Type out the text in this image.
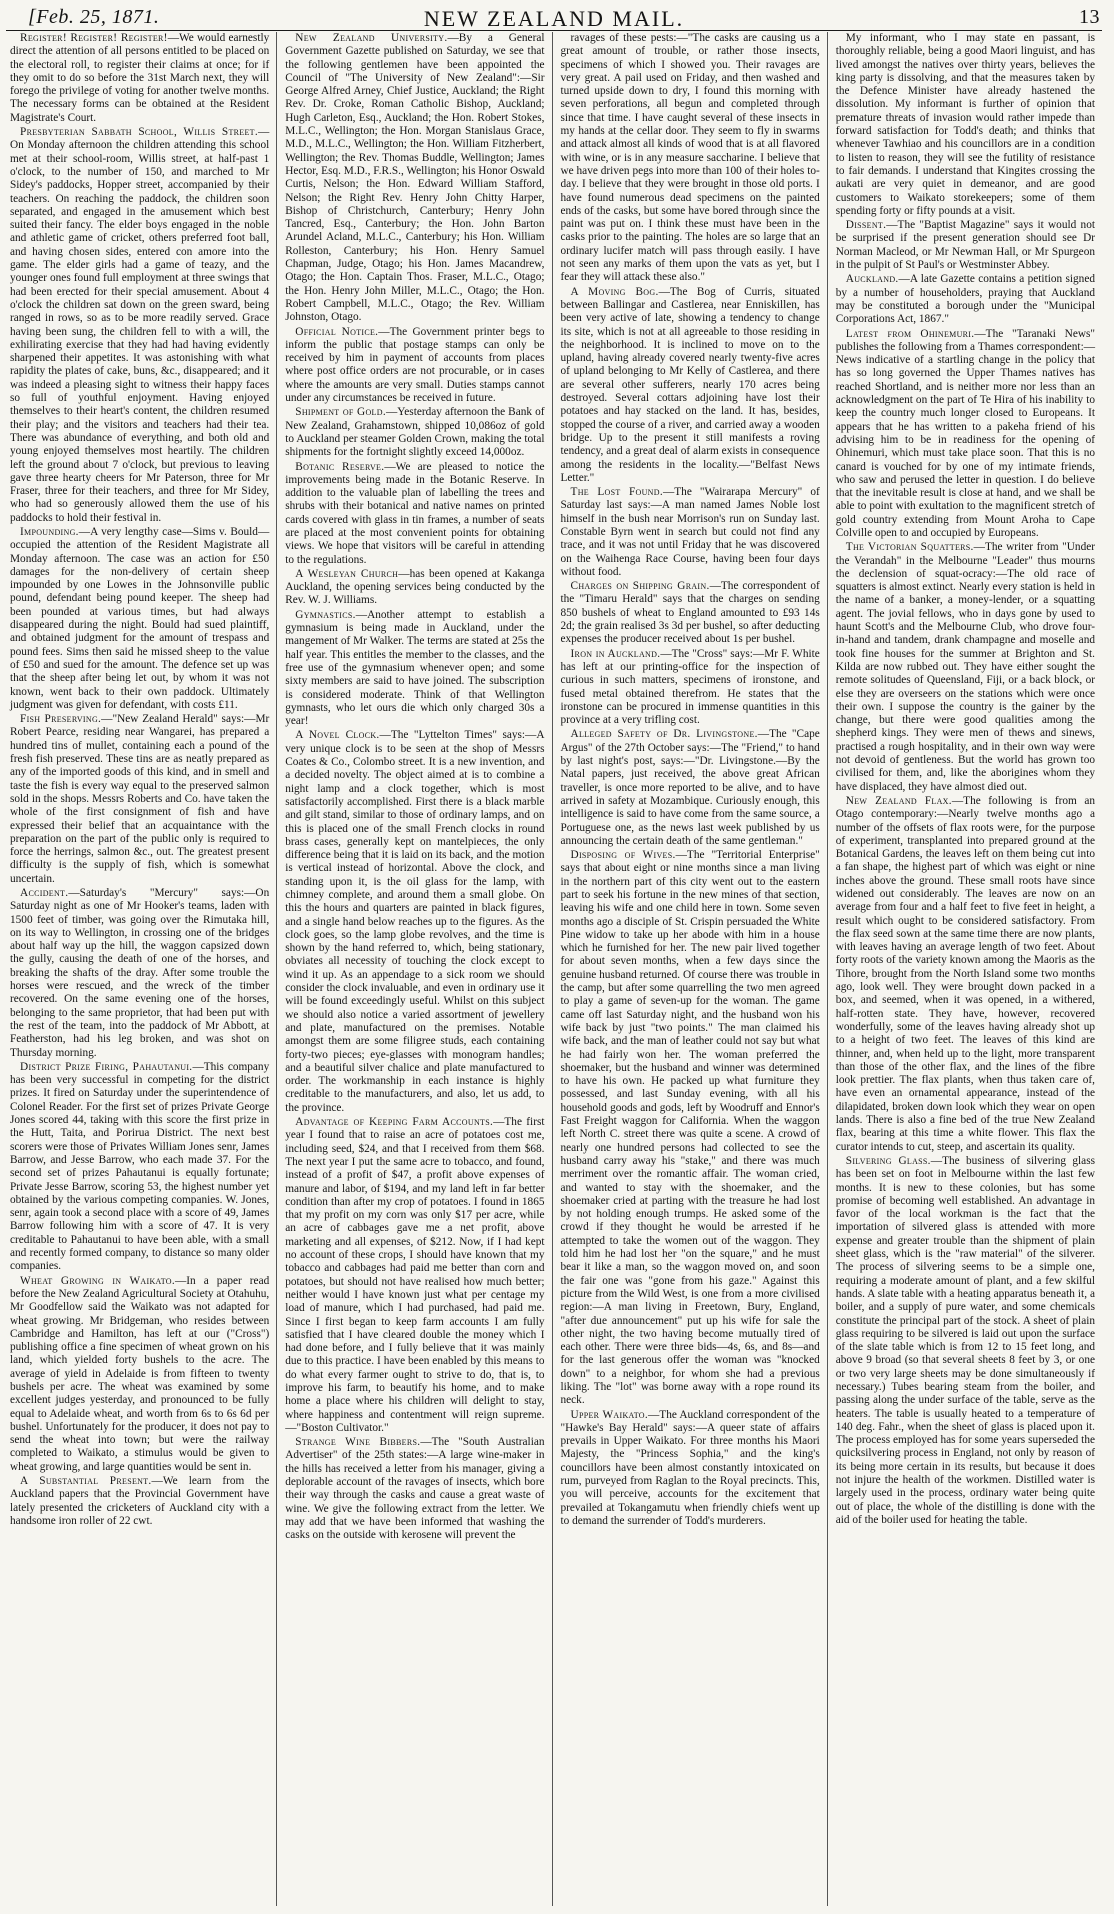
[Feb. 25, 1871.	NEW ZEALAND MAIL.	13

Register! Register! Register!—We would earnestly direct the attention of all persons entitled to be placed on the electoral roll, to register their claims at once; for if they omit to do so before the 31st March next, they will forego the privilege of voting for another twelve months. The necessary forms can be obtained at the Resident Magistrate's Court.

Presbyterian Sabbath School, Willis Street.—On Monday afternoon the children attending this school met at their school-room, Willis street, at half-past 1 o'clock, to the number of 150, and marched to Mr Sidey's paddocks, Hopper street, accompanied by their teachers. On reaching the paddock, the children soon separated, and engaged in the amusement which best suited their fancy. The elder boys engaged in the noble and athletic game of cricket, others preferred foot ball, and having chosen sides, entered con amore into the game. The elder girls had a game of teazy, and the younger ones found full employment at three swings that had been erected for their special amusement. About 4 o'clock the children sat down on the green sward, being ranged in rows, so as to be more readily served. Grace having been sung, the children fell to with a will, the exhilirating exercise that they had had having evidently sharpened their appetites. It was astonishing with what rapidity the plates of cake, buns, &c., disappeared; and it was indeed a pleasing sight to witness their happy faces so full of youthful enjoyment. Having enjoyed themselves to their heart's content, the children resumed their play; and the visitors and teachers had their tea. There was abundance of everything, and both old and young enjoyed themselves most heartily. The children left the ground about 7 o'clock, but previous to leaving gave three hearty cheers for Mr Paterson, three for Mr Fraser, three for their teachers, and three for Mr Sidey, who had so generously allowed them the use of his paddocks to hold their festival in.

Impounding.—A very lengthy case—Sims v. Bould—occupied the attention of the Resident Magistrate all Monday afternoon. The case was an action for £50 damages for the non-delivery of certain sheep impounded by one Lowes in the Johnsonville public pound, defendant being pound keeper. The sheep had been pounded at various times, but had always disappeared during the night. Bould had sued plaintiff, and obtained judgment for the amount of trespass and pound fees. Sims then said he missed sheep to the value of £50 and sued for the amount. The defence set up was that the sheep after being let out, by whom it was not known, went back to their own paddock. Ultimately judgment was given for defendant, with costs £11.

Fish Preserving.—"New Zealand Herald" says:—Mr Robert Pearce, residing near Wangarei, has prepared a hundred tins of mullet, containing each a pound of the fresh fish preserved. These tins are as neatly prepared as any of the imported goods of this kind, and in smell and taste the fish is every way equal to the preserved salmon sold in the shops. Messrs Roberts and Co. have taken the whole of the first consignment of fish and have expressed their belief that an acquaintance with the preparation on the part of the public only is required to force the herrings, salmon &c., out. The greatest present difficulty is the supply of fish, which is somewhat uncertain.

Accident.—Saturday's "Mercury" says:—On Saturday night as one of Mr Hooker's teams, laden with 1500 feet of timber, was going over the Rimutaka hill, on its way to Wellington, in crossing one of the bridges about half way up the hill, the waggon capsized down the gully, causing the death of one of the horses, and breaking the shafts of the dray. After some trouble the horses were rescued, and the wreck of the timber recovered. On the same evening one of the horses, belonging to the same proprietor, that had been put with the rest of the team, into the paddock of Mr Abbott, at Featherston, had his leg broken, and was shot on Thursday morning.

District Prize Firing, Pahautanui.—This company has been very successful in competing for the district prizes. It fired on Saturday under the superintendence of Colonel Reader. For the first set of prizes Private George Jones scored 44, taking with this score the first prize in the Hutt, Taita, and Porirua District. The next best scorers were those of Privates William Jones senr, James Barrow, and Jesse Barrow, who each made 37. For the second set of prizes Pahautanui is equally fortunate; Private Jesse Barrow, scoring 53, the highest number yet obtained by the various competing companies. W. Jones, senr, again took a second place with a score of 49, James Barrow following him with a score of 47. It is very creditable to Pahautanui to have been able, with a small and recently formed company, to distance so many older companies.

Wheat Growing in Waikato.—In a paper read before the New Zealand Agricultural Society at Otahuhu, Mr Goodfellow said the Waikato was not adapted for wheat growing. Mr Bridgeman, who resides between Cambridge and Hamilton, has left at our ("Cross") publishing office a fine specimen of wheat grown on his land, which yielded forty bushels to the acre. The average of yield in Adelaide is from fifteen to twenty bushels per acre. The wheat was examined by some excellent judges yesterday, and pronounced to be fully equal to Adelaide wheat, and worth from 6s to 6s 6d per bushel. Unfortunately for the producer, it does not pay to send the wheat into town; but were the railway completed to Waikato, a stimulus would be given to wheat growing, and large quantities would be sent in.

A Substantial Present.—We learn from the Auckland papers that the Provincial Government have lately presented the cricketers of Auckland city with a handsome iron roller of 22 cwt.

New Zealand University.—By a General Government Gazette published on Saturday, we see that the following gentlemen have been appointed the Council of "The University of New Zealand":—Sir George Alfred Arney, Chief Justice, Auckland; the Right Rev. Dr. Croke, Roman Catholic Bishop, Auckland; Hugh Carleton, Esq., Auckland; the Hon. Robert Stokes, M.L.C., Wellington; the Hon. Morgan Stanislaus Grace, M.D., M.L.C., Wellington; the Hon. William Fitzherbert, Wellington; the Rev. Thomas Buddle, Wellington; James Hector, Esq. M.D., F.R.S., Wellington; his Honor Oswald Curtis, Nelson; the Hon. Edward William Stafford, Nelson; the Right Rev. Henry John Chitty Harper, Bishop of Christchurch, Canterbury; Henry John Tancred, Esq., Canterbury; the Hon. John Barton Arundel Acland, M.L.C., Canterbury; his Hon. William Rolleston, Canterbury; his Hon. Henry Samuel Chapman, Judge, Otago; his Hon. James Macandrew, Otago; the Hon. Captain Thos. Fraser, M.L.C., Otago; the Hon. Henry John Miller, M.L.C., Otago; the Hon. Robert Campbell, M.L.C., Otago; the Rev. William Johnston, Otago.

Official Notice.—The Government printer begs to inform the public that postage stamps can only be received by him in payment of accounts from places where post office orders are not procurable, or in cases where the amounts are very small. Duties stamps cannot under any circumstances be received in future.

Shipment of Gold.—Yesterday afternoon the Bank of New Zealand, Grahamstown, shipped 10,086oz of gold to Auckland per steamer Golden Crown, making the total shipments for the fortnight slightly exceed 14,000oz.

Botanic Reserve.—We are pleased to notice the improvements being made in the Botanic Reserve. In addition to the valuable plan of labelling the trees and shrubs with their botanical and native names on printed cards covered with glass in tin frames, a number of seats are placed at the most convenient points for obtaining views. We hope that visitors will be careful in attending to the regulations.

A Wesleyan Church—has been opened at Kakanga Auckland, the opening services being conducted by the Rev. W. J. Williams.

Gymnastics.—Another attempt to establish a gymnasium is being made in Auckland, under the mangement of Mr Walker. The terms are stated at 25s the half year. This entitles the member to the classes, and the free use of the gymnasium whenever open; and some sixty members are said to have joined. The subscription is considered moderate. Think of that Wellington gymnasts, who let ours die which only charged 30s a year!

A Novel Clock.—The "Lyttelton Times" says:—A very unique clock is to be seen at the shop of Messrs Coates & Co., Colombo street. It is a new invention, and a decided novelty. The object aimed at is to combine a night lamp and a clock together, which is most satisfactorily accomplished. First there is a black marble and gilt stand, similar to those of ordinary lamps, and on this is placed one of the small French clocks in round brass cases, generally kept on mantelpieces, the only difference being that it is laid on its back, and the motion is vertical instead of horizontal. Above the clock, and standing upon it, is the oil glass for the lamp, with chimney complete, and around them a small globe. On this the hours and quarters are painted in black figures, and a single hand below reaches up to the figures. As the clock goes, so the lamp globe revolves, and the time is shown by the hand referred to, which, being stationary, obviates all necessity of touching the clock except to wind it up. As an appendage to a sick room we should consider the clock invaluable, and even in ordinary use it will be found exceedingly useful. Whilst on this subject we should also notice a varied assortment of jewellery and plate, manufactured on the premises. Notable amongst them are some filigree studs, each containing forty-two pieces; eye-glasses with monogram handles; and a beautiful silver chalice and plate manufactured to order. The workmanship in each instance is highly creditable to the manufacturers, and also, let us add, to the province.

Advantage of Keeping Farm Accounts.—The first year I found that to raise an acre of potatoes cost me, including seed, $24, and that I received from them $68. The next year I put the same acre to tobacco, and found, instead of a profit of $47, a profit above expenses of manure and labor, of $194, and my land left in far better condition than after my crop of potatoes. I found in 1865 that my profit on my corn was only $17 per acre, while an acre of cabbages gave me a net profit, above marketing and all expenses, of $212. Now, if I had kept no account of these crops, I should have known that my tobacco and cabbages had paid me better than corn and potatoes, but should not have realised how much better; neither would I have known just what per centage my load of manure, which I had purchased, had paid me. Since I first began to keep farm accounts I am fully satisfied that I have cleared double the money which I had done before, and I fully believe that it was mainly due to this practice. I have been enabled by this means to do what every farmer ought to strive to do, that is, to improve his farm, to beautify his home, and to make home a place where his children will delight to stay, where happiness and contentment will reign supreme.—"Boston Cultivator."

Strange Wine Bibbers.—The "South Australian Advertiser" of the 25th states:—A large wine-maker in the hills has received a letter from his manager, giving a deplorable account of the ravages of insects, which bore their way through the casks and cause a great waste of wine. We give the following extract from the letter. We may add that we have been informed that washing the casks on the outside with kerosene will prevent the

ravages of these pests:—"The casks are causing us a great amount of trouble, or rather those insects, specimens of which I showed you. Their ravages are very great. A pail used on Friday, and then washed and turned upside down to dry, I found this morning with seven perforations, all begun and completed through since that time. I have caught several of these insects in my hands at the cellar door. They seem to fly in swarms and attack almost all kinds of wood that is at all flavored with wine, or is in any measure saccharine. I believe that we have driven pegs into more than 100 of their holes to-day. I believe that they were brought in those old ports. I have found numerous dead specimens on the painted ends of the casks, but some have bored through since the paint was put on. I think these must have been in the casks prior to the painting. The holes are so large that an ordinary lucifer match will pass through easily. I have not seen any marks of them upon the vats as yet, but I fear they will attack these also."

A Moving Bog.—The Bog of Curris, situated between Ballingar and Castlerea, near Enniskillen, has been very active of late, showing a tendency to change its site, which is not at all agreeable to those residing in the neighborhood. It is inclined to move on to the upland, having already covered nearly twenty-five acres of upland belonging to Mr Kelly of Castlerea, and there are several other sufferers, nearly 170 acres being destroyed. Several cottars adjoining have lost their potatoes and hay stacked on the land. It has, besides, stopped the course of a river, and carried away a wooden bridge. Up to the present it still manifests a roving tendency, and a great deal of alarm exists in consequence among the residents in the locality.—"Belfast News Letter."

The Lost Found.—The "Wairarapa Mercury" of Saturday last says:—A man named James Noble lost himself in the bush near Morrison's run on Sunday last. Constable Byrn went in search but could not find any trace, and it was not until Friday that he was discovered on the Waihenga Race Course, having been four days without food.

Charges on Shipping Grain.—The correspondent of the "Timaru Herald" says that the charges on sending 850 bushels of wheat to England amounted to £93 14s 2d; the grain realised 3s 3d per bushel, so after deducting expenses the producer received about 1s per bushel.

Iron in Auckland.—The "Cross" says:—Mr F. White has left at our printing-office for the inspection of curious in such matters, specimens of ironstone, and fused metal obtained therefrom. He states that the ironstone can be procured in immense quantities in this province at a very trifling cost.

Alleged Safety of Dr. Livingstone.—The "Cape Argus" of the 27th October says:—The "Friend," to hand by last night's post, says:—"Dr. Livingstone.—By the Natal papers, just received, the above great African traveller, is once more reported to be alive, and to have arrived in safety at Mozambique. Curiously enough, this intelligence is said to have come from the same source, a Portuguese one, as the news last week published by us announcing the certain death of the same gentleman."

Disposing of Wives.—The "Territorial Enterprise" says that about eight or nine months since a man living in the northern part of this city went out to the eastern part to seek his fortune in the new mines of that section, leaving his wife and one child here in town. Some seven months ago a disciple of St. Crispin persuaded the White Pine widow to take up her abode with him in a house which he furnished for her. The new pair lived together for about seven months, when a few days since the genuine husband returned. Of course there was trouble in the camp, but after some quarrelling the two men agreed to play a game of seven-up for the woman. The game came off last Saturday night, and the husband won his wife back by just "two points." The man claimed his wife back, and the man of leather could not say but what he had fairly won her. The woman preferred the shoemaker, but the husband and winner was determined to have his own. He packed up what furniture they possessed, and last Sunday evening, with all his household goods and gods, left by Woodruff and Ennor's Fast Freight waggon for California. When the waggon left North C. street there was quite a scene. A crowd of nearly one hundred persons had collected to see the husband carry away his "stake," and there was much merriment over the romantic affair. The woman cried, and wanted to stay with the shoemaker, and the shoemaker cried at parting with the treasure he had lost by not holding enough trumps. He asked some of the crowd if they thought he would be arrested if he attempted to take the women out of the waggon. They told him he had lost her "on the square," and he must bear it like a man, so the waggon moved on, and soon the fair one was "gone from his gaze." Against this picture from the Wild West, is one from a more civilised region:—A man living in Freetown, Bury, England, "after due announcement" put up his wife for sale the other night, the two having become mutually tired of each other. There were three bids—4s, 6s, and 8s—and for the last generous offer the woman was "knocked down" to a neighbor, for whom she had a previous liking. The "lot" was borne away with a rope round its neck.

Upper Waikato.—The Auckland correspondent of the "Hawke's Bay Herald" says:—A queer state of affairs prevails in Upper Waikato. For three months his Maori Majesty, the "Princess Sophia," and the king's councillors have been almost constantly intoxicated on rum, purveyed from Raglan to the Royal precincts. This, you will perceive, accounts for the excitement that prevailed at Tokangamutu when friendly chiefs went up to demand the surrender of Todd's murderers.

My informant, who I may state en passant, is thoroughly reliable, being a good Maori linguist, and has lived amongst the natives over thirty years, believes the king party is dissolving, and that the measures taken by the Defence Minister have already hastened the dissolution. My informant is further of opinion that premature threats of invasion would rather impede than forward satisfaction for Todd's death; and thinks that whenever Tawhiao and his councillors are in a condition to listen to reason, they will see the futility of resistance to fair demands. I understand that Kingites crossing the aukati are very quiet in demeanor, and are good customers to Waikato storekeepers; some of them spending forty or fifty pounds at a visit.

Dissent.—The "Baptist Magazine" says it would not be surprised if the present generation should see Dr Norman Macleod, or Mr Newman Hall, or Mr Spurgeon in the pulpit of St Paul's or Westminster Abbey.

Auckland.—A late Gazette contains a petition signed by a number of householders, praying that Auckland may be constituted a borough under the "Municipal Corporations Act, 1867."

Latest from Ohinemuri.—The "Taranaki News" publishes the following from a Thames correspondent:—News indicative of a startling change in the policy that has so long governed the Upper Thames natives has reached Shortland, and is neither more nor less than an acknowledgment on the part of Te Hira of his inability to keep the country much longer closed to Europeans. It appears that he has written to a pakeha friend of his advising him to be in readiness for the opening of Ohinemuri, which must take place soon. That this is no canard is vouched for by one of my intimate friends, who saw and perused the letter in question. I do believe that the inevitable result is close at hand, and we shall be able to point with exultation to the magnificent stretch of gold country extending from Mount Aroha to Cape Colville open to and occupied by Europeans.

The Victorian Squatters.—The writer from "Under the Verandah" in the Melbourne "Leader" thus mourns the declension of squat-ocracy:—The old race of squatters is almost extinct. Nearly every station is held in the name of a banker, a money-lender, or a squatting agent. The jovial fellows, who in days gone by used to haunt Scott's and the Melbourne Club, who drove four-in-hand and tandem, drank champagne and moselle and took fine houses for the summer at Brighton and St. Kilda are now rubbed out. They have either sought the remote solitudes of Queensland, Fiji, or a back block, or else they are overseers on the stations which were once their own. I suppose the country is the gainer by the change, but there were good qualities among the shepherd kings. They were men of thews and sinews, practised a rough hospitality, and in their own way were not devoid of gentleness. But the world has grown too civilised for them, and, like the aborigines whom they have displaced, they have almost died out.

New Zealand Flax.—The following is from an Otago contemporary:—Nearly twelve months ago a number of the offsets of flax roots were, for the purpose of experiment, transplanted into prepared ground at the Botanical Gardens, the leaves left on them being cut into a fan shape, the highest part of which was eight or nine inches above the ground. These small roots have since widened out considerably. The leaves are now on an average from four and a half feet to five feet in height, a result which ought to be considered satisfactory. From the flax seed sown at the same time there are now plants, with leaves having an average length of two feet. About forty roots of the variety known among the Maoris as the Tihore, brought from the North Island some two months ago, look well. They were brought down packed in a box, and seemed, when it was opened, in a withered, half-rotten state. They have, however, recovered wonderfully, some of the leaves having already shot up to a height of two feet. The leaves of this kind are thinner, and, when held up to the light, more transparent than those of the other flax, and the lines of the fibre look prettier. The flax plants, when thus taken care of, have even an ornamental appearance, instead of the dilapidated, broken down look which they wear on open lands. There is also a fine bed of the true New Zealand flax, bearing at this time a white flower. This flax the curator intends to cut, steep, and ascertain its quality.

Silvering Glass.—The business of silvering glass has been set on foot in Melbourne within the last few months. It is new to these colonies, but has some promise of becoming well established. An advantage in favor of the local workman is the fact that the importation of silvered glass is attended with more expense and greater trouble than the shipment of plain sheet glass, which is the "raw material" of the silverer. The process of silvering seems to be a simple one, requiring a moderate amount of plant, and a few skilful hands. A slate table with a heating apparatus beneath it, a boiler, and a supply of pure water, and some chemicals constitute the principal part of the stock. A sheet of plain glass requiring to be silvered is laid out upon the surface of the slate table which is from 12 to 15 feet long, and above 9 broad (so that several sheets 8 feet by 3, or one or two very large sheets may be done simultaneously if necessary.) Tubes bearing steam from the boiler, and passing along the under surface of the table, serve as the heaters. The table is usually heated to a temperature of 140 deg. Fahr., when the sheet of glass is placed upon it. The process employed has for some years superseded the quicksilvering process in England, not only by reason of its being more certain in its results, but because it does not injure the health of the workmen. Distilled water is largely used in the process, ordinary water being quite out of place, the whole of the distilling is done with the aid of the boiler used for heating the table.
